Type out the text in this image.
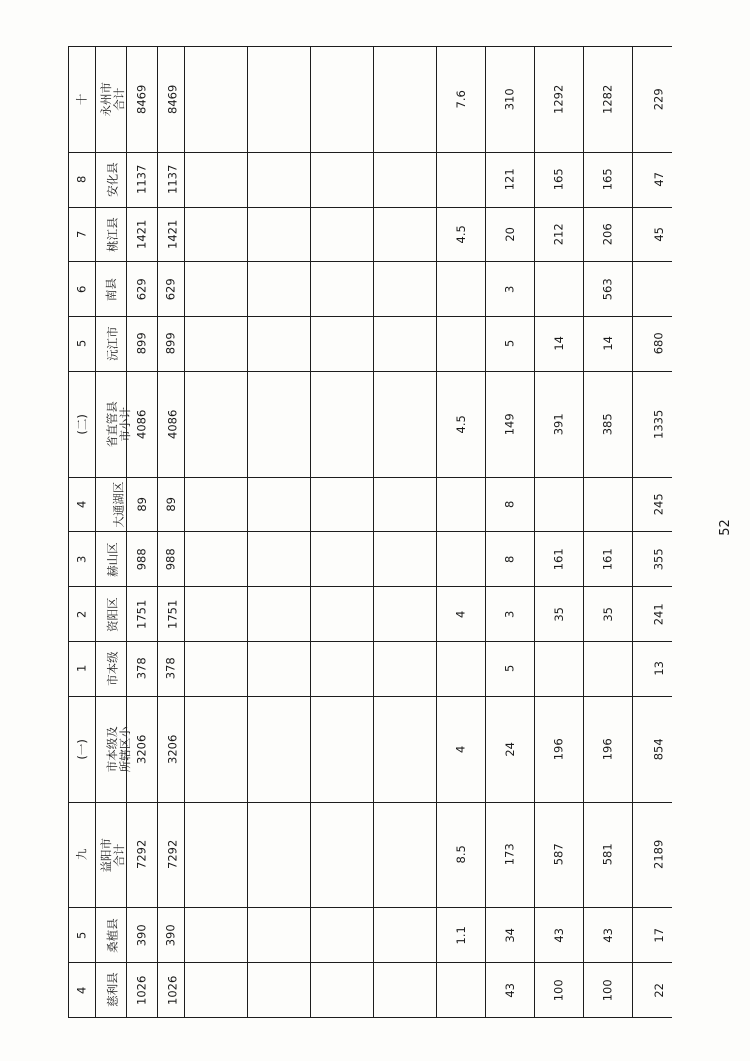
十	永州市 合计	8469	8469					7.6	310	1292	1282	229
8	安化县	1137	1137						121	165	165	47
7	桃江县	1421	1421					4.5	20	212	206	45
6	南县	629	629						3		563	
5	沅江市	899	899						5	14	14	680
(二)	省直管县 市小计	4086	4086					4.5	149	391	385	1335
4	大通湖区	89	89						8			245
3	赫山区	988	988						8	161	161	355
2	资阳区	1751	1751					4	3	35	35	241
1	市本级	378	378						5			13
(一)	市本级及 所辖区小	3206	3206					4	24	196	196	854
九	益阳市 合计	7292	7292					8.5	173	587	581	2189
5	桑植县	390	390					1.1	34	43	43	17
4	慈利县	1026	1026						43	100	100	22
52
